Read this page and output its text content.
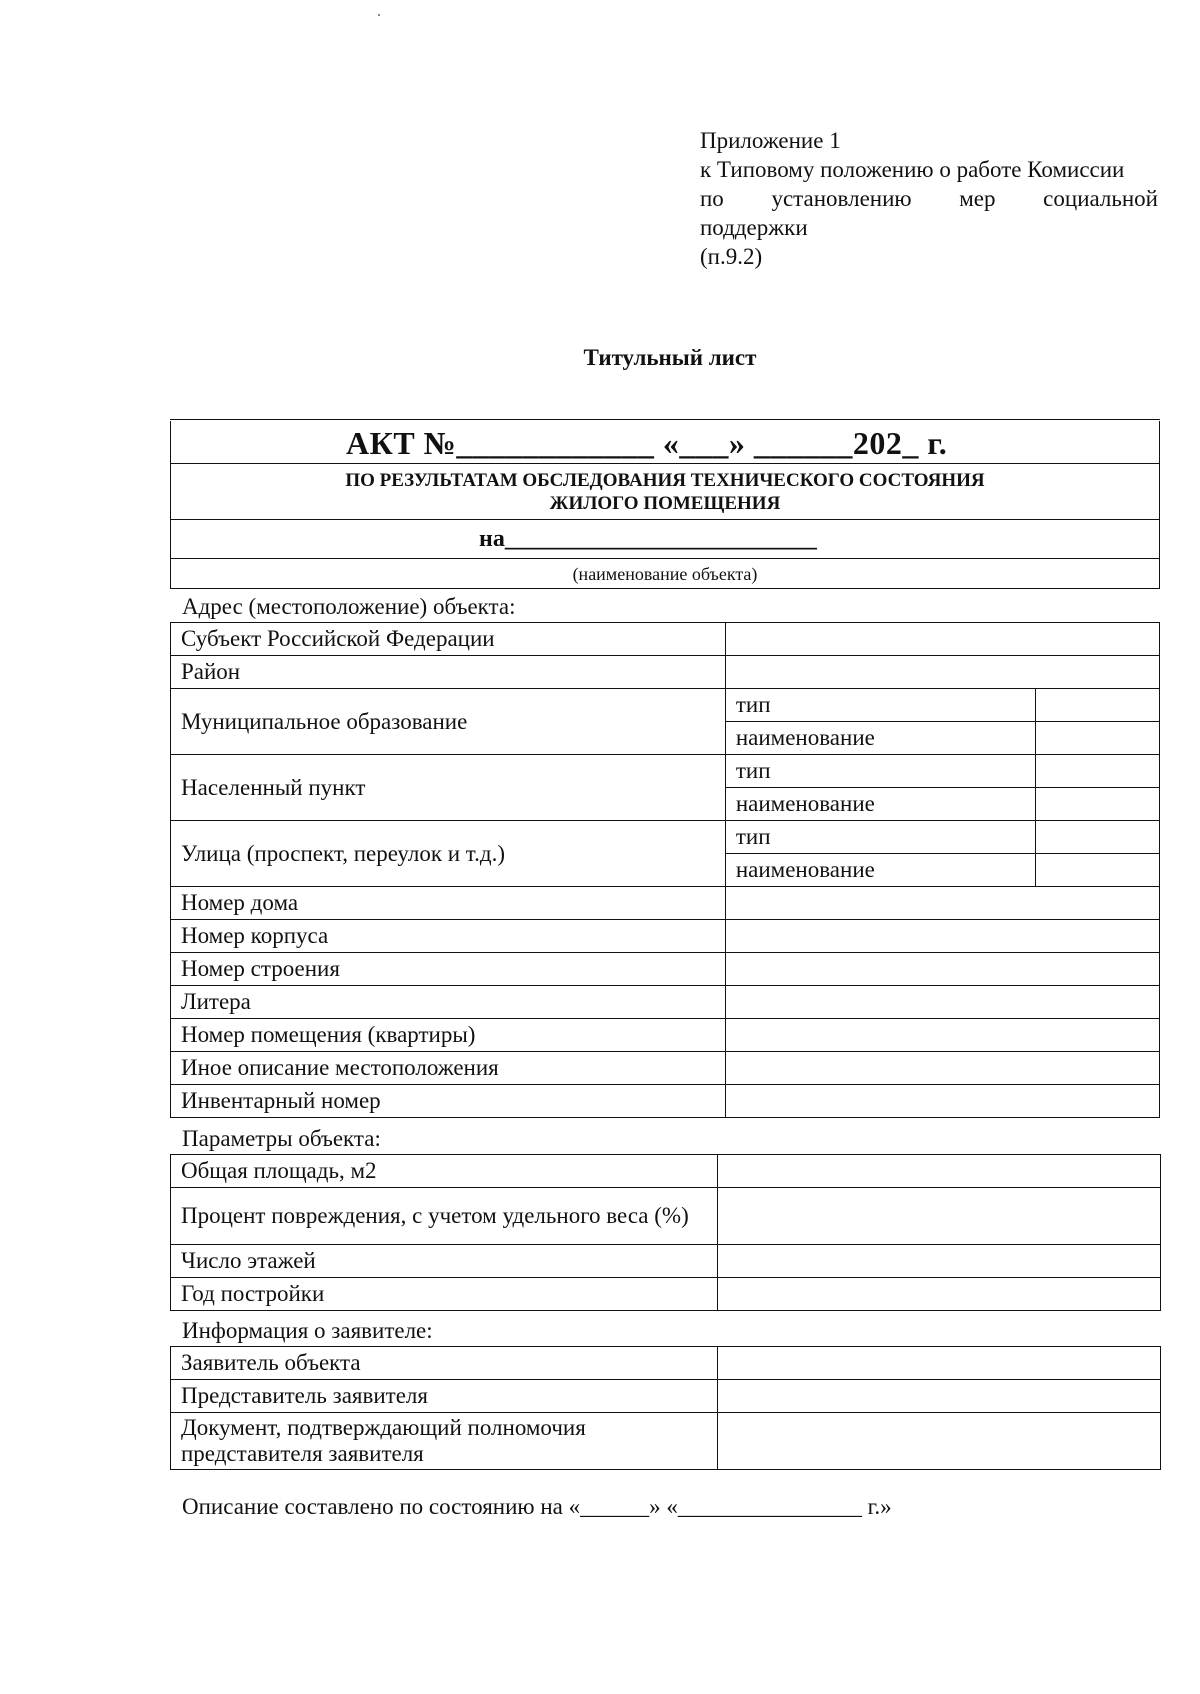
Приложение 1
к Типовому положению о работе Комиссии
по установлению мер социальной
поддержки
(п.9.2)
Титульный лист
АКТ №____________ «___» ______202_ г.
ПО РЕЗУЛЬТАТАМ ОБСЛЕДОВАНИЯ ТЕХНИЧЕСКОГО СОСТОЯНИЯ
ЖИЛОГО ПОМЕЩЕНИЯ
на__________________________
(наименование объекта)
Адрес (местоположение) объекта:
Субъект Российской Федерации		
Район		
Муниципальное образование	тип	
	наименование	
Населенный пункт	тип	
	наименование	
Улица (проспект, переулок и т.д.)	тип	
	наименование	
Номер дома		
Номер корпуса		
Номер строения		
Литера		
Номер помещения (квартиры)		
Иное описание местоположения		
Инвентарный номер		
Параметры объекта:
Общая площадь, м2	
Процент повреждения, с учетом удельного веса (%)	
Число этажей	
Год постройки	
Информация о заявителе:
Заявитель объекта	
Представитель заявителя	
Документ, подтверждающий полномочия представителя заявителя	
Описание составлено по состоянию на «______» «________________ г.»
